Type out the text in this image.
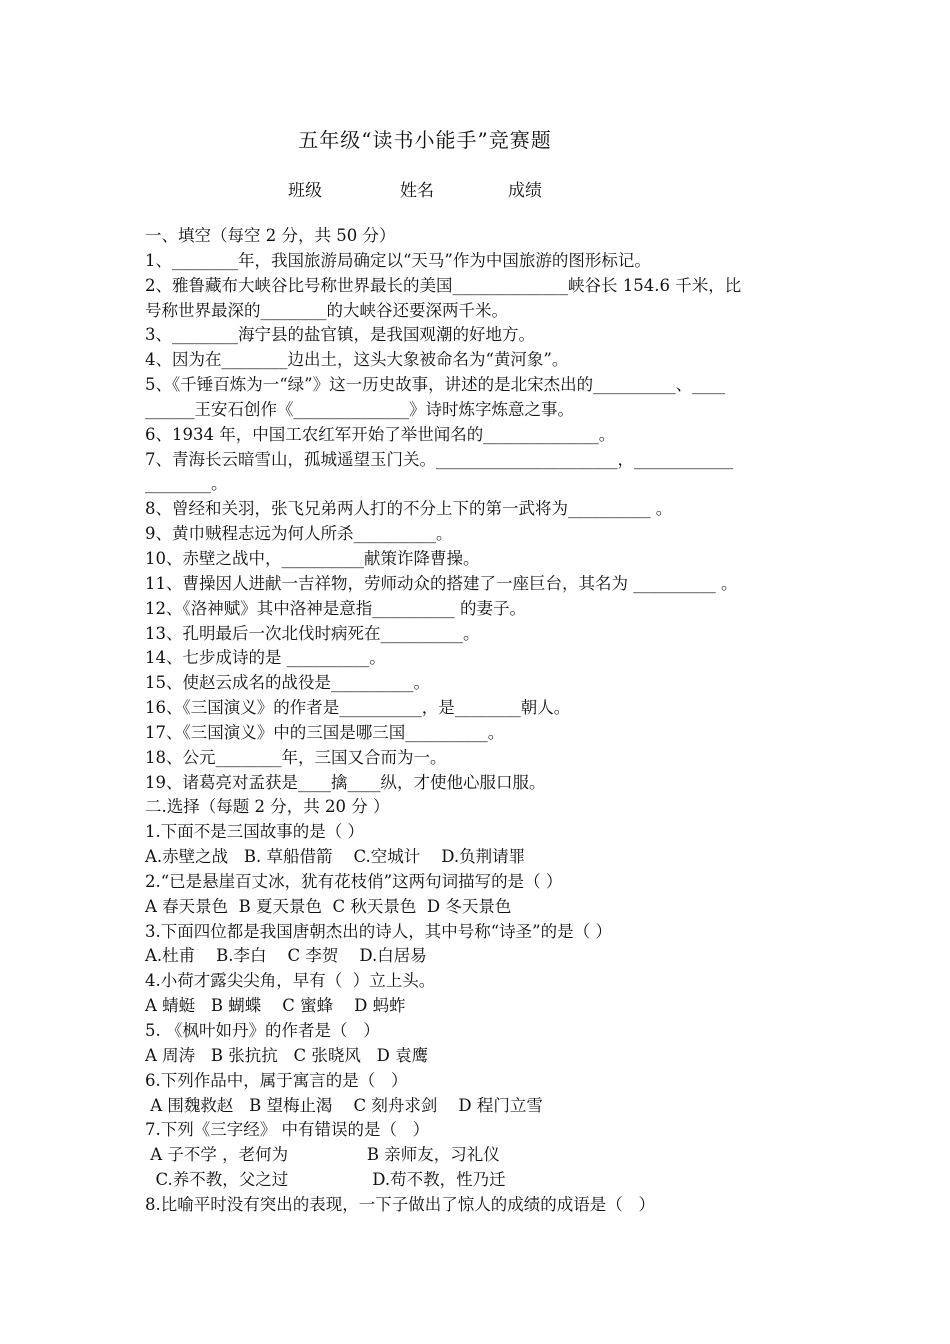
五年级“读书小能手”竞赛题
班级	姓名	成绩
一、填空（每空 2 分，共 50 分）
1、________年，我国旅游局确定以“天马”作为中国旅游的图形标记。
2、雅鲁藏布大峡谷比号称世界最长的美国______________峡谷长 154.6 千米，比
号称世界最深的________的大峡谷还要深两千米。
3、________海宁县的盐官镇，是我国观潮的好地方。
4、因为在________边出土，这头大象被命名为“黄河象”。
5、《千锤百炼为一“绿”》这一历史故事，讲述的是北宋杰出的__________、____
______王安石创作《______________》诗时炼字炼意之事。
6、1934 年，中国工农红军开始了举世闻名的______________。
7、青海长云暗雪山，孤城遥望玉门关。______________________，____________
________。
8、曾经和关羽，张飞兄弟两人打的不分上下的第一武将为__________ 。
9、黄巾贼程志远为何人所杀__________。
10、赤壁之战中，__________献策诈降曹操。
11、曹操因人进献一吉祥物，劳师动众的搭建了一座巨台，其名为 __________ 。
12、《洛神赋》其中洛神是意指__________ 的妻子。
13、孔明最后一次北伐时病死在__________。
14、七步成诗的是 __________。
15、使赵云成名的战役是__________。
16、《三国演义》的作者是__________，是________朝人。
17、《三国演义》中的三国是哪三国__________。
18、公元________年，三国又合而为一。
19、诸葛亮对孟获是____擒____纵，才使他心服口服。
二.选择（每题 2 分，共 20 分 ）
1.下面不是三国故事的是（ ）
A.赤壁之战   B. 草船借箭    C.空城计    D.负荆请罪
2.“已是悬崖百丈冰，犹有花枝俏”这两句词描写的是（ ）
A 春天景色  B 夏天景色  C 秋天景色  D 冬天景色
3.下面四位都是我国唐朝杰出的诗人，其中号称“诗圣”的是（ ）
A.杜甫    B.李白    C 李贺    D.白居易
4.小荷才露尖尖角，早有（  ）立上头。
A 蜻蜓   B 蝴蝶    C 蜜蜂    D 蚂蚱
5. 《枫叶如丹》的作者是（   ）
A 周涛   B 张抗抗   C 张晓风   D 袁鹰
6.下列作品中，属于寓言的是（   ）
A 围魏救赵   B 望梅止渴    C 刻舟求剑    D 程门立雪
7.下列《三字经》 中有错误的是（   ）
A 子不学 ，老何为               B 亲师友，习礼仪
C.养不教，父之过                D.苟不教，性乃迁
8.比喻平时没有突出的表现，一下子做出了惊人的成绩的成语是（   ）
